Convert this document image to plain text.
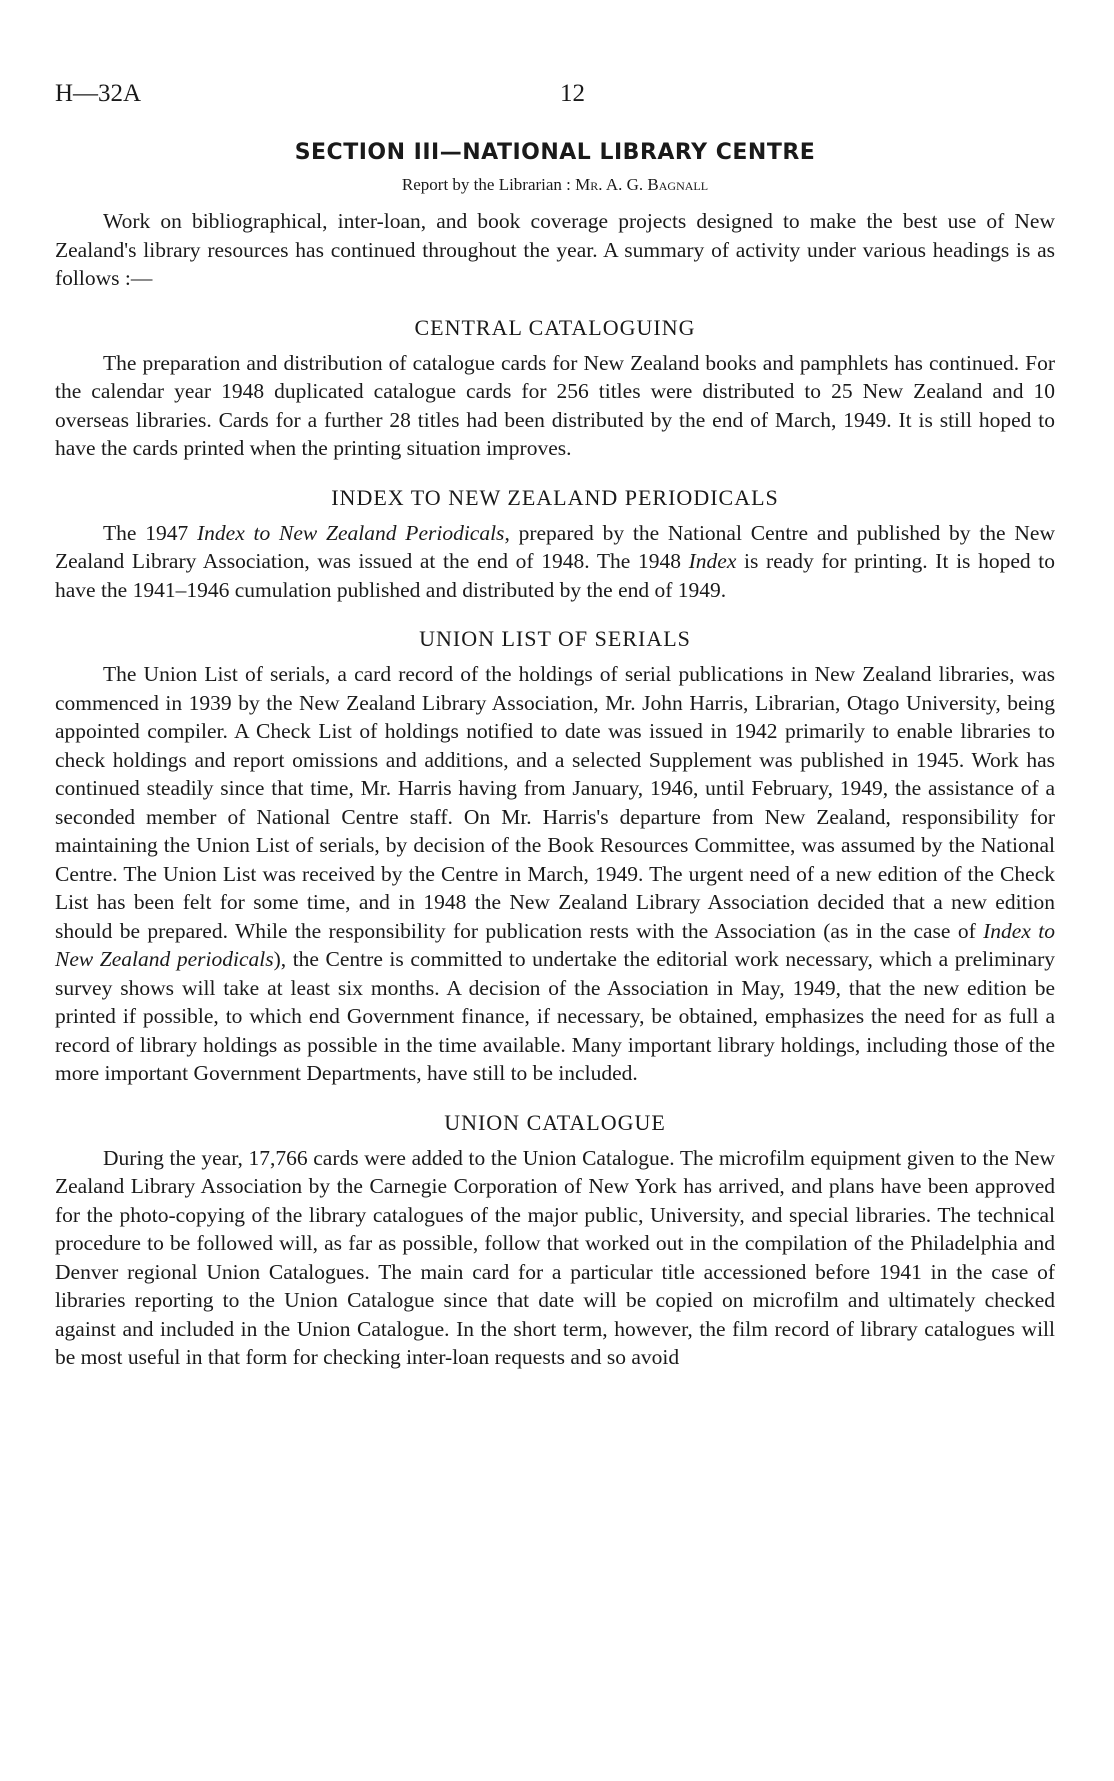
H—32A	12
SECTION III—NATIONAL LIBRARY CENTRE
Report by the Librarian : Mr. A. G. Bagnall

Work on bibliographical, inter-loan, and book coverage projects designed to make the best use of New Zealand's library resources has continued throughout the year. A summary of activity under various headings is as follows :—

CENTRAL CATALOGUING

The preparation and distribution of catalogue cards for New Zealand books and pamphlets has continued. For the calendar year 1948 duplicated catalogue cards for 256 titles were distributed to 25 New Zealand and 10 overseas libraries. Cards for a further 28 titles had been distributed by the end of March, 1949. It is still hoped to have the cards printed when the printing situation improves.

INDEX TO NEW ZEALAND PERIODICALS

The 1947 Index to New Zealand Periodicals, prepared by the National Centre and published by the New Zealand Library Association, was issued at the end of 1948. The 1948 Index is ready for printing. It is hoped to have the 1941–1946 cumulation published and distributed by the end of 1949.

UNION LIST OF SERIALS

The Union List of serials, a card record of the holdings of serial publications in New Zealand libraries, was commenced in 1939 by the New Zealand Library Association, Mr. John Harris, Librarian, Otago University, being appointed compiler. A Check List of holdings notified to date was issued in 1942 primarily to enable libraries to check holdings and report omissions and additions, and a selected Supplement was published in 1945. Work has continued steadily since that time, Mr. Harris having from January, 1946, until February, 1949, the assistance of a seconded member of National Centre staff. On Mr. Harris's departure from New Zealand, responsibility for maintaining the Union List of serials, by decision of the Book Resources Committee, was assumed by the National Centre. The Union List was received by the Centre in March, 1949. The urgent need of a new edition of the Check List has been felt for some time, and in 1948 the New Zealand Library Association decided that a new edition should be prepared. While the responsibility for publication rests with the Association (as in the case of Index to New Zealand periodicals), the Centre is committed to undertake the editorial work necessary, which a preliminary survey shows will take at least six months. A decision of the Association in May, 1949, that the new edition be printed if possible, to which end Government finance, if necessary, be obtained, emphasizes the need for as full a record of library holdings as possible in the time available. Many important library holdings, including those of the more important Government Departments, have still to be included.

UNION CATALOGUE

During the year, 17,766 cards were added to the Union Catalogue. The microfilm equipment given to the New Zealand Library Association by the Carnegie Corporation of New York has arrived, and plans have been approved for the photo-copying of the library catalogues of the major public, University, and special libraries. The technical procedure to be followed will, as far as possible, follow that worked out in the compilation of the Philadelphia and Denver regional Union Catalogues. The main card for a particular title accessioned before 1941 in the case of libraries reporting to the Union Catalogue since that date will be copied on microfilm and ultimately checked against and included in the Union Catalogue. In the short term, however, the film record of library catalogues will be most useful in that form for checking inter-loan requests and so avoid
